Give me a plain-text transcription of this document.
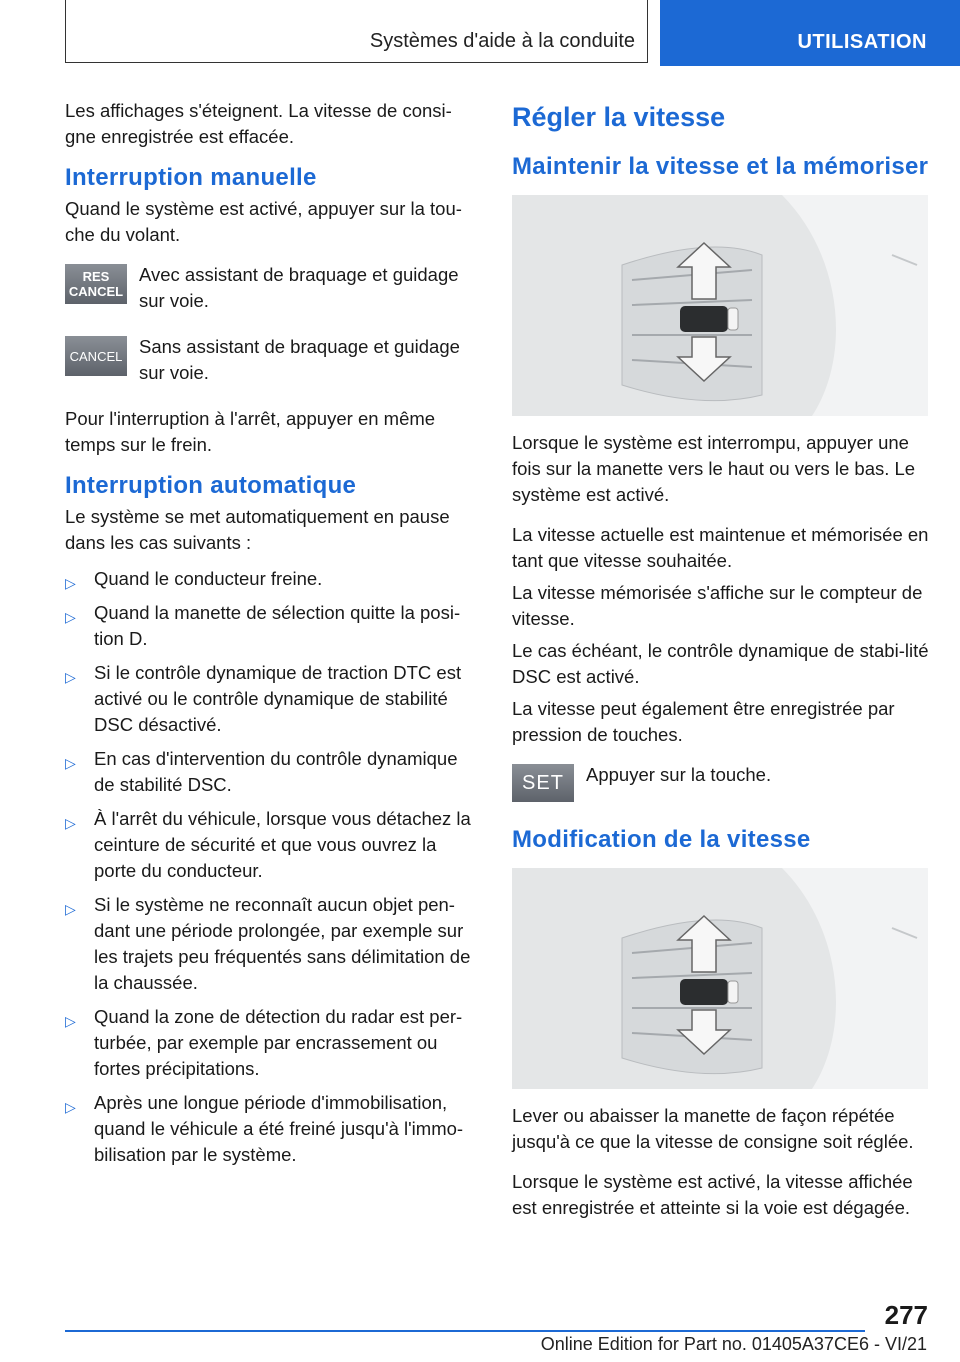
Systèmes d'aide à la conduite	UTILISATION

Les affichages s'éteignent. La vitesse de consi-gne enregistrée est effacée.

Interruption manuelle

Quand le système est activé, appuyer sur la tou-che du volant.

RES
CANCEL

Avec assistant de braquage et guidage sur voie.

CANCEL Sans assistant de braquage et guidage sur voie.

Pour l'interruption à l'arrêt, appuyer en même temps sur le frein.

Interruption automatique

Le système se met automatiquement en pause dans les cas suivants :

▷ Quand le conducteur freine.
▷ Quand la manette de sélection quitte la posi-tion D.
▷ Si le contrôle dynamique de traction DTC est activé ou le contrôle dynamique de stabilité DSC désactivé.
▷ En cas d'intervention du contrôle dynamique de stabilité DSC.
▷ À l'arrêt du véhicule, lorsque vous détachez la ceinture de sécurité et que vous ouvrez la porte du conducteur.
▷ Si le système ne reconnaît aucun objet pen-dant une période prolongée, par exemple sur les trajets peu fréquentés sans délimitation de la chaussée.
▷ Quand la zone de détection du radar est per-turbée, par exemple par encrassement ou fortes précipitations.
▷ Après une longue période d'immobilisation, quand le véhicule a été freiné jusqu'à l'immo-bilisation par le système.
Régler la vitesse
Maintenir la vitesse et la mémoriser

Lorsque le système est interrompu, appuyer une fois sur la manette vers le haut ou vers le bas. Le système est activé.

La vitesse actuelle est maintenue et mémorisée en tant que vitesse souhaitée.

La vitesse mémorisée s'affiche sur le compteur de vitesse.

Le cas échéant, le contrôle dynamique de stabi-lité DSC est activé.

La vitesse peut également être enregistrée par pression de touches.

SET Appuyer sur la touche.

Modification de la vitesse

Lever ou abaisser la manette de façon répétée jusqu'à ce que la vitesse de consigne soit réglée.

Lorsque le système est activé, la vitesse affichée est enregistrée et atteinte si la voie est dégagée.

277
Online Edition for Part no. 01405A37CE6 - VI/21
